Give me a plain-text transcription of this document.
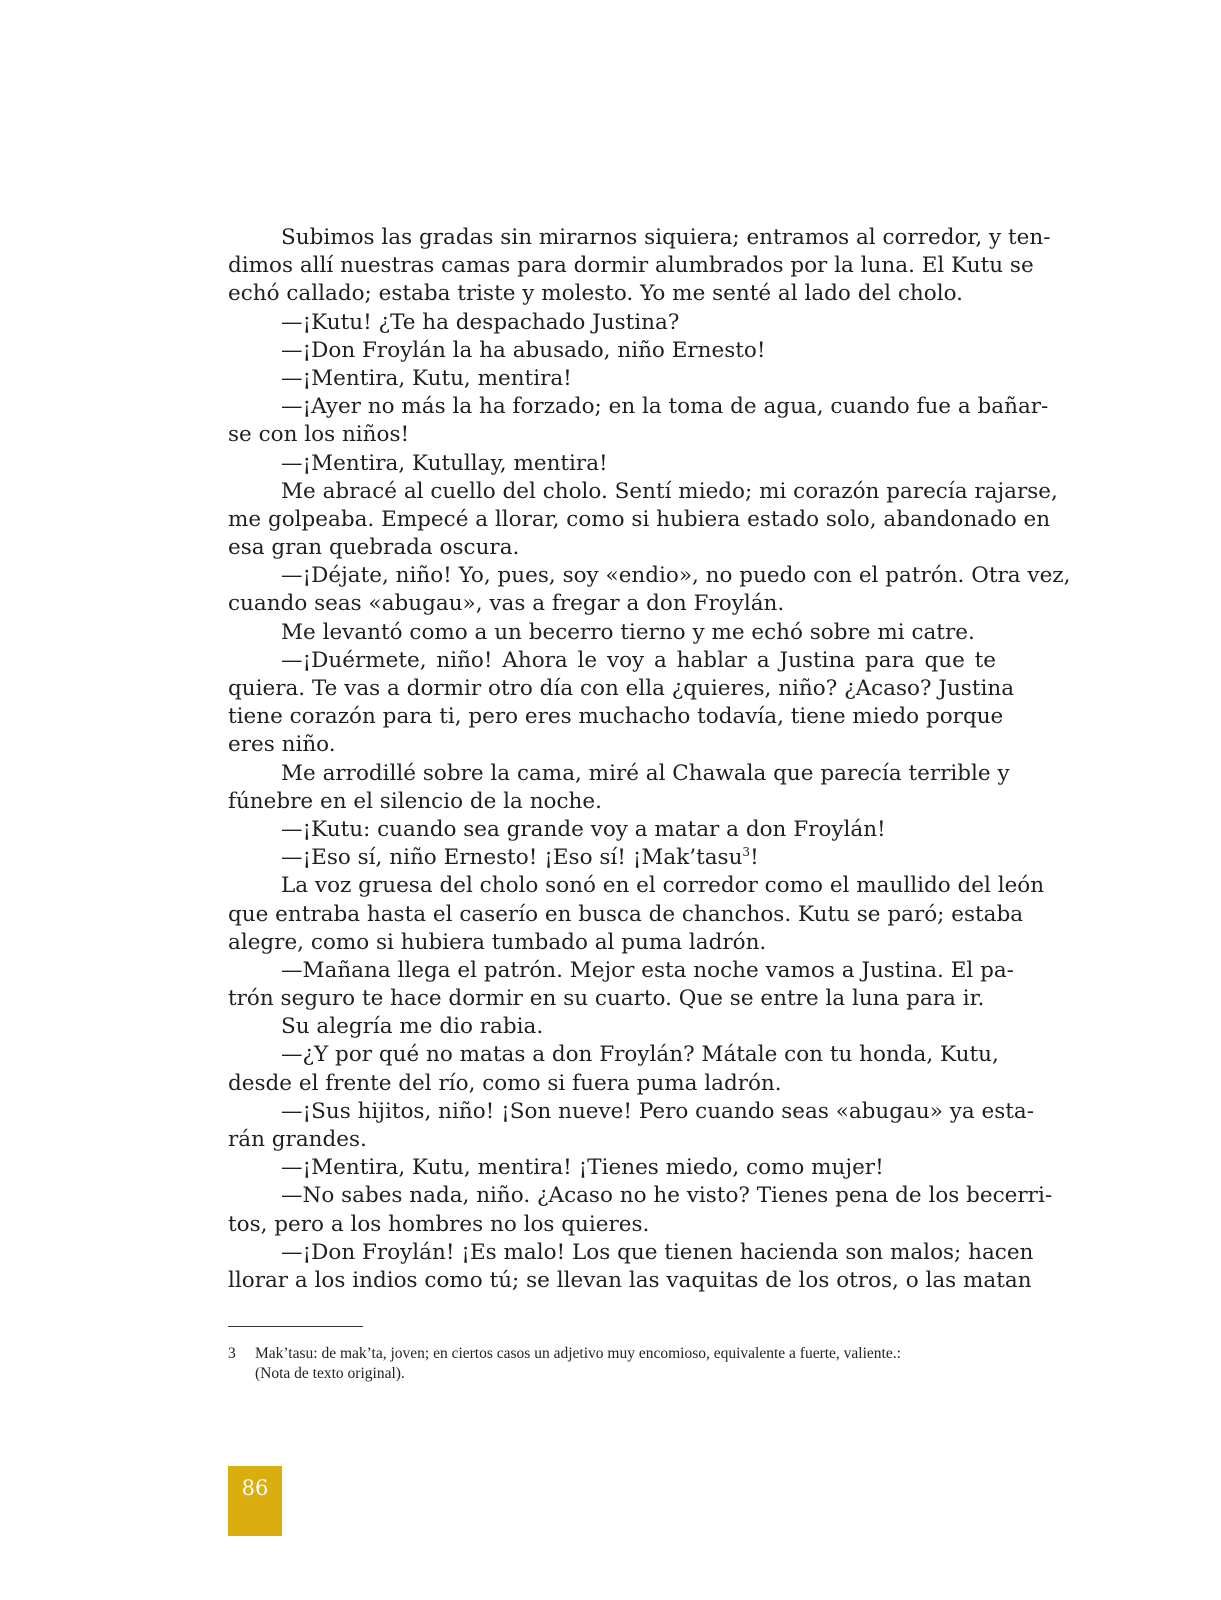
Subimos las gradas sin mirarnos siquiera; entramos al corredor, y ten-
dimos allí nuestras camas para dormir alumbrados por la luna. El Kutu se
echó callado; estaba triste y molesto. Yo me senté al lado del cholo.
—¡Kutu! ¿Te ha despachado Justina?
—¡Don Froylán la ha abusado, niño Ernesto!
—¡Mentira, Kutu, mentira!
—¡Ayer no más la ha forzado; en la toma de agua, cuando fue a bañar-
se con los niños!
—¡Mentira, Kutullay, mentira!
Me abracé al cuello del cholo. Sentí miedo; mi corazón parecía rajarse,
me golpeaba. Empecé a llorar, como si hubiera estado solo, abandonado en
esa gran quebrada oscura.
—¡Déjate, niño! Yo, pues, soy «endio», no puedo con el patrón. Otra vez,
cuando seas «abugau», vas a fregar a don Froylán.
Me levantó como a un becerro tierno y me echó sobre mi catre.
—¡Duérmete, niño! Ahora le voy a hablar a Justina para que te
quiera. Te vas a dormir otro día con ella ¿quieres, niño? ¿Acaso? Justina
tiene corazón para ti, pero eres muchacho todavía, tiene miedo porque
eres niño.
Me arrodillé sobre la cama, miré al Chawala que parecía terrible y
fúnebre en el silencio de la noche.
—¡Kutu: cuando sea grande voy a matar a don Froylán!
—¡Eso sí, niño Ernesto! ¡Eso sí! ¡Mak’tasu$^3$!
La voz gruesa del cholo sonó en el corredor como el maullido del león
que entraba hasta el caserío en busca de chanchos. Kutu se paró; estaba
alegre, como si hubiera tumbado al puma ladrón.
—Mañana llega el patrón. Mejor esta noche vamos a Justina. El pa-
trón seguro te hace dormir en su cuarto. Que se entre la luna para ir.
Su alegría me dio rabia.
—¿Y por qué no matas a don Froylán? Mátale con tu honda, Kutu,
desde el frente del río, como si fuera puma ladrón.
—¡Sus hijitos, niño! ¡Son nueve! Pero cuando seas «abugau» ya esta-
rán grandes.
—¡Mentira, Kutu, mentira! ¡Tienes miedo, como mujer!
—No sabes nada, niño. ¿Acaso no he visto? Tienes pena de los becerri-
tos, pero a los hombres no los quieres.
—¡Don Froylán! ¡Es malo! Los que tienen hacienda son malos; hacen
llorar a los indios como tú; se llevan las vaquitas de los otros, o las matan
3	Mak’tasu: de mak’ta, joven; en ciertos casos un adjetivo muy encomioso, equivalente a fuerte, valiente.:
(Nota de texto original).
86
